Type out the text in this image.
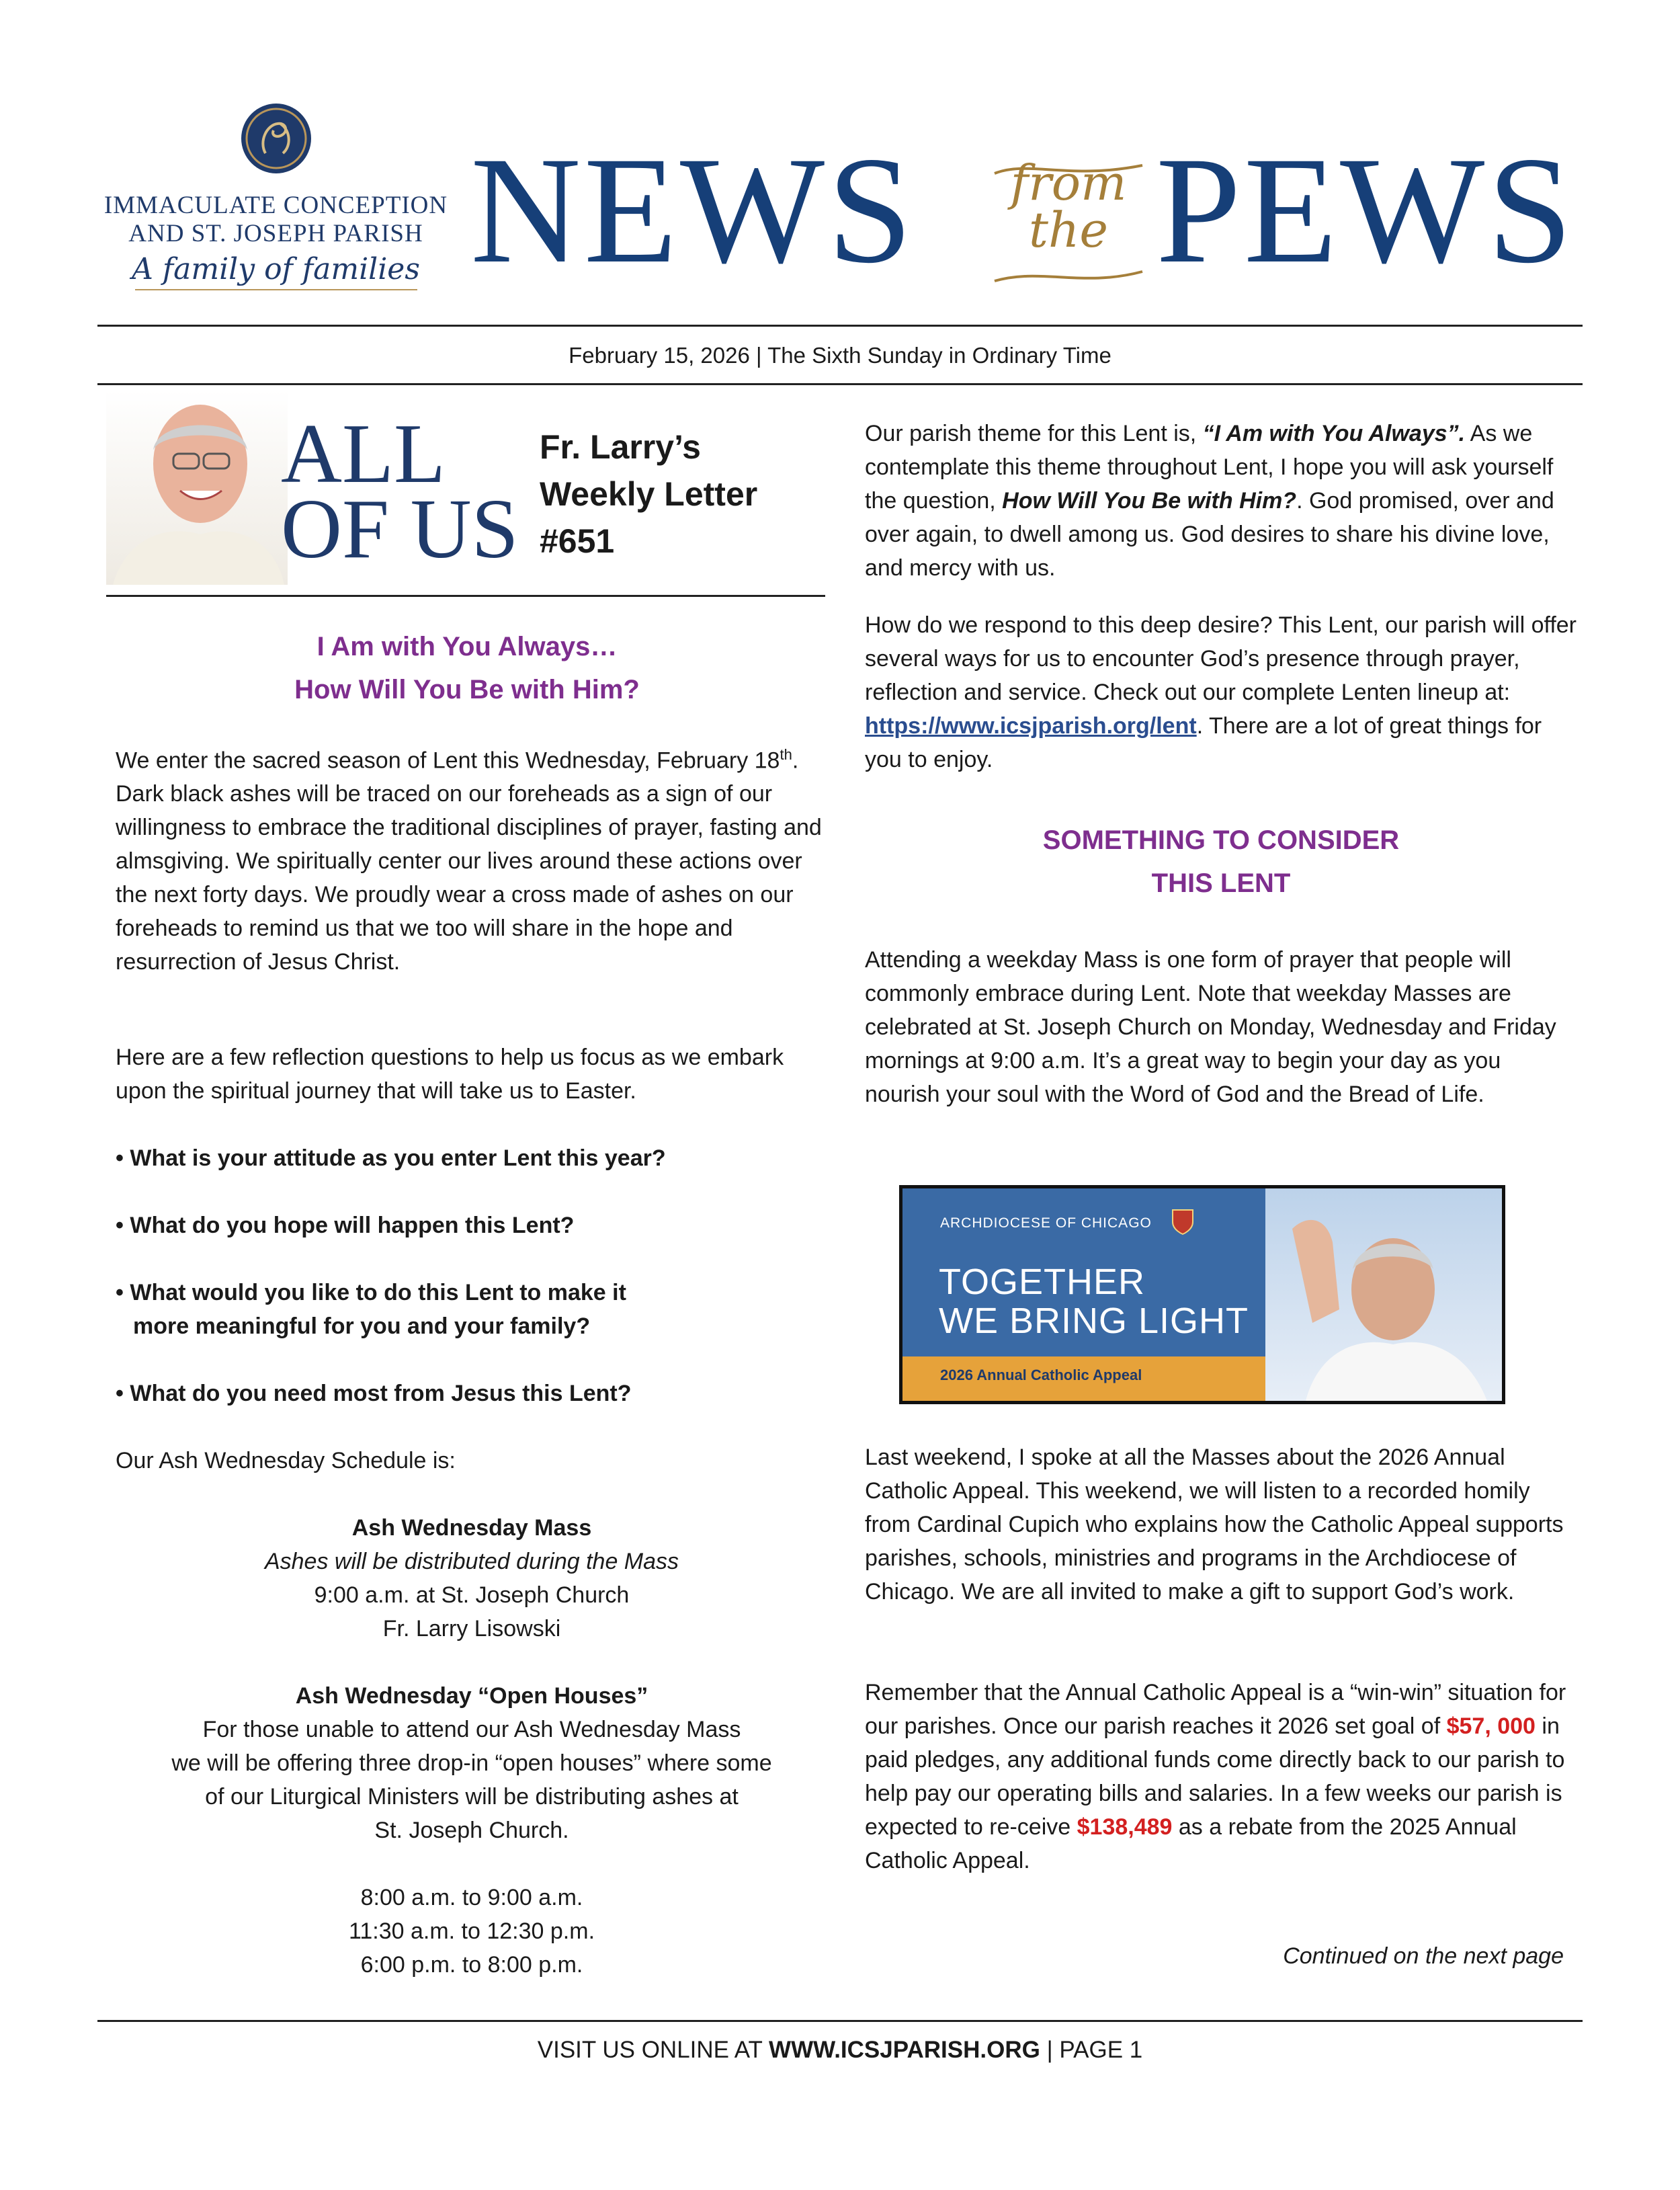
IMMACULATE CONCEPTION
AND ST. JOSEPH PARISH
A family of families NEWS from
the PEWS
February 15, 2026 | The Sixth Sunday in Ordinary Time
ALL
OF US
Fr. Larry’s
Weekly Letter
#651
I Am with You Always…
How Will You Be with Him?
We enter the sacred season of Lent this Wednesday, February 18th. Dark black ashes will be traced on our foreheads as a sign of our willingness to embrace the traditional disciplines of prayer, fasting and almsgiving. We spiritually center our lives around these actions over the next forty days. We proudly wear a cross made of ashes on our foreheads to remind us that we too will share in the hope and resurrection of Jesus Christ.
Here are a few reflection questions to help us focus as we embark upon the spiritual journey that will take us to Easter.
• What is your attitude as you enter Lent this year?
• What do you hope will happen this Lent?
• What would you like to do this Lent to make it
more meaningful for you and your family?
• What do you need most from Jesus this Lent?
Our Ash Wednesday Schedule is:
Ash Wednesday Mass
Ashes will be distributed during the Mass
9:00 a.m. at St. Joseph Church
Fr. Larry Lisowski
Ash Wednesday “Open Houses”
For those unable to attend our Ash Wednesday Mass
we will be offering three drop-in “open houses” where some
of our Liturgical Ministers will be distributing ashes at
St. Joseph Church.
8:00 a.m. to 9:00 a.m.
11:30 a.m. to 12:30 p.m.
6:00 p.m. to 8:00 p.m.
Our parish theme for this Lent is, “I Am with You Always”. As we contemplate this theme throughout Lent, I hope you will ask yourself the question, How Will You Be with Him?. God promised, over and over again, to dwell among us. God desires to share his divine love, and mercy with us.
How do we respond to this deep desire? This Lent, our parish will offer several ways for us to encounter God’s presence through prayer, reflection and service. Check out our complete Lenten lineup at: https://www.icsjparish.org/lent. There are a lot of great things for you to enjoy.
SOMETHING TO CONSIDER
THIS LENT
Attending a weekday Mass is one form of prayer that people will commonly embrace during Lent. Note that weekday Masses are celebrated at St. Joseph Church on Monday, Wednesday and Friday mornings at 9:00 a.m. It’s a great way to begin your day as you nourish your soul with the Word of God and the Bread of Life.
ARCHDIOCESE OF CHICAGO
TOGETHER
WE BRING LIGHT
2026 Annual Catholic Appeal
Last weekend, I spoke at all the Masses about the 2026 Annual Catholic Appeal. This weekend, we will listen to a recorded homily from Cardinal Cupich who explains how the Catholic Appeal supports parishes, schools, ministries and programs in the Archdiocese of Chicago. We are all invited to make a gift to support God’s work.
Remember that the Annual Catholic Appeal is a “win-win” situation for our parishes. Once our parish reaches it 2026 set goal of $57, 000 in paid pledges, any additional funds come directly back to our parish to help pay our operating bills and salaries. In a few weeks our parish is expected to re-ceive $138,489 as a rebate from the 2025 Annual Catholic Appeal.
Continued on the next page
VISIT US ONLINE AT WWW.ICSJPARISH.ORG | PAGE 1
